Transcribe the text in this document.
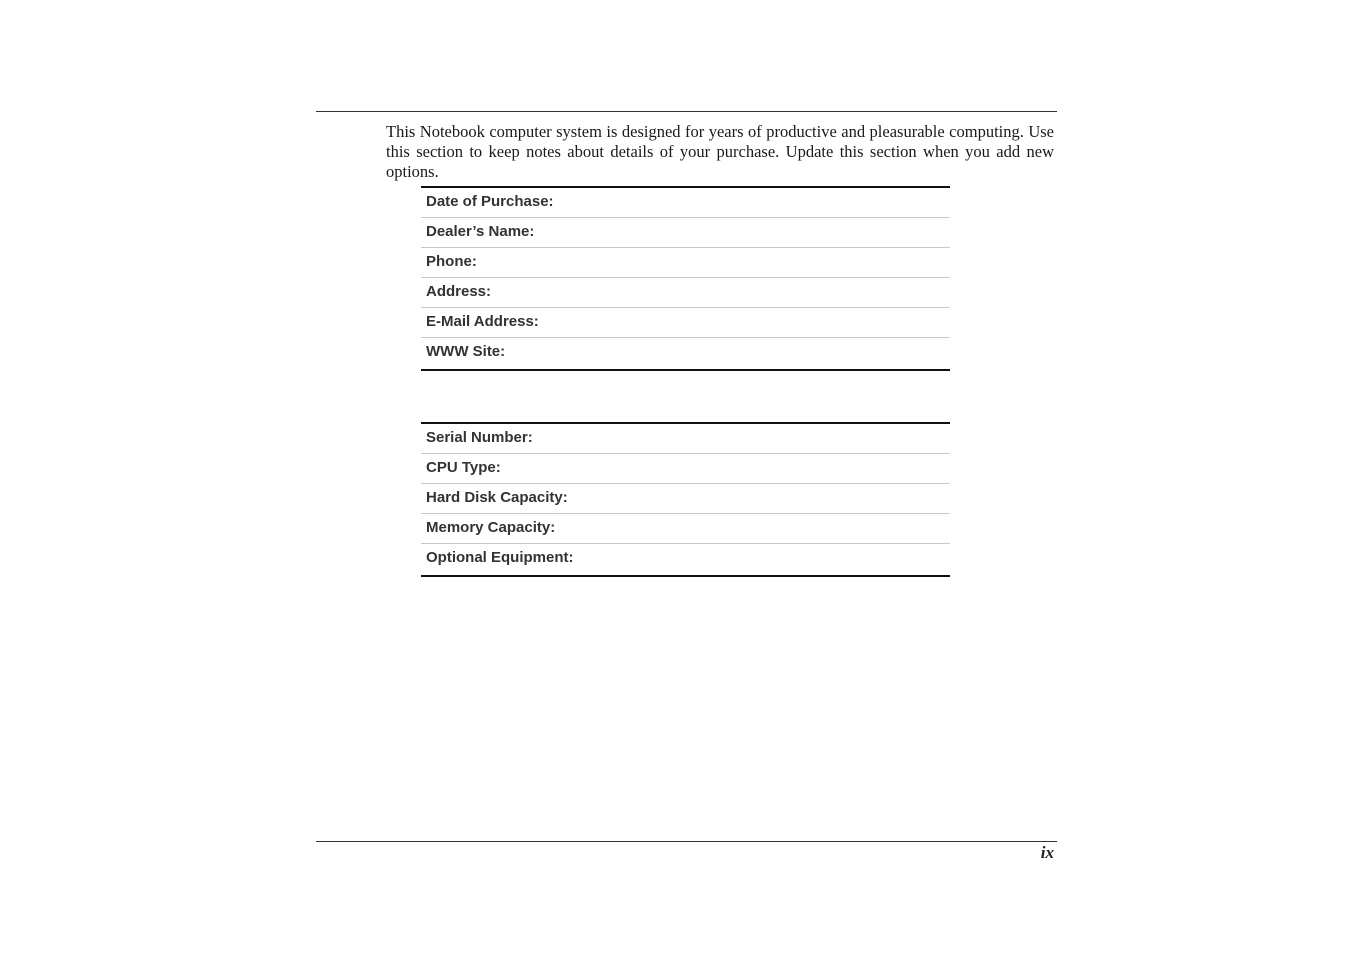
This Notebook computer system is designed for years of productive and pleasurable computing. Use this section to keep notes about details of your purchase. Update this section when you add new options.

Date of Purchase:
Dealer’s Name:
Phone:
Address:
E-Mail Address:
WWW Site:
Serial Number:
CPU Type:
Hard Disk Capacity:
Memory Capacity:
Optional Equipment:
ix
